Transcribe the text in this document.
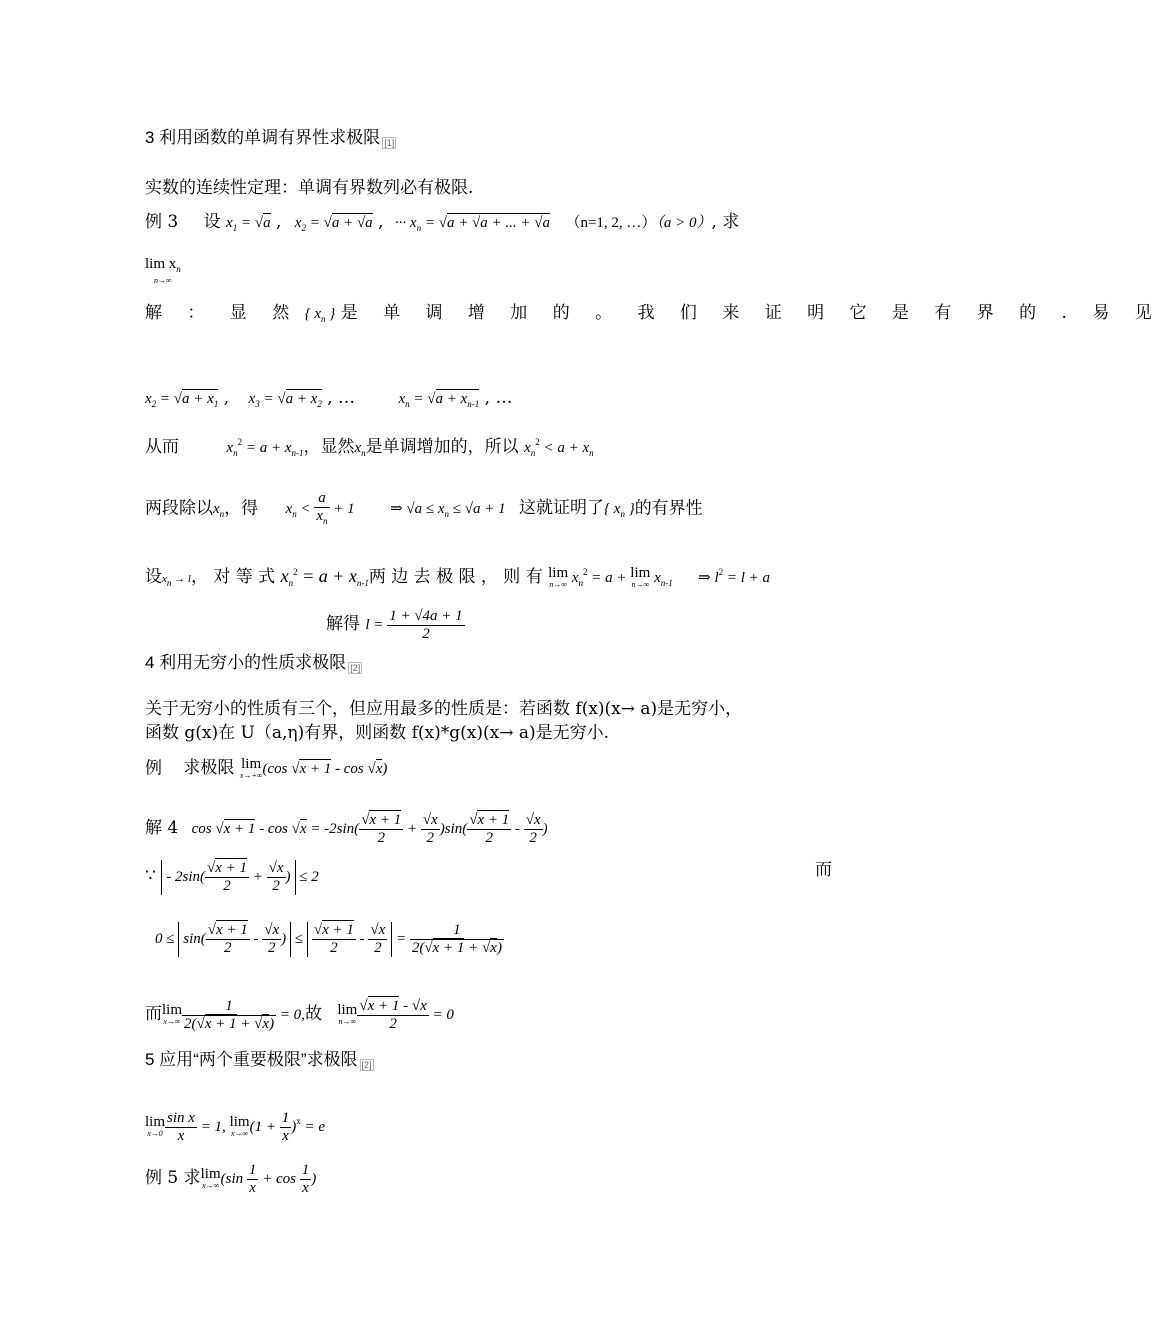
3 利用函数的单调有界性求极限 [1]
实数的连续性定理：单调有界数列必有极限.
例 3 设 $x_1 = √a$ , $x_2 = √a + √a$ , ··· $x_n = √a + √a$ + ... + √a （n=1, 2, …）（a > 0）, 求
$\lim x_n$
n→∞
解 ： 显 然 { $x_n$ } 是 单 调 增 加 的 。 我 们 来 证 明 它 是 有 界 的 . 易 见
$x_2 = √a + x_1$ , $x_3 = √a + x_2$ , …	$x_n = √a + x_{n-1}$ , …
从而	$x_n^2 = a + x_{n-1}$，显然$x_n$是单调增加的，所以 $x_n^2 < a + x_n$
两段除以$x_n$，得 $x_n < \frac{a}{x_n} + 1$ ⇒ $√a \le x_n \le √a + 1$ 这就证明了{ $x_n$ }的有界性
设$x_n \to l$， 对 等 式 $x_n^2 = a + x_{n-1}$两 边 去 极 限 ， 则 有 lim
n→∞ $x_n^2 = a + \lim$
n→∞ $x_{n-1}$ ⇒ $l^2 = l + a$
解得 $l = \frac{1 + √4a + 1}{2}$
4 利用无穷小的性质求极限 [2]
关于无穷小的性质有三个，但应用最多的性质是：若函数 f(x)(x→ a)是无穷小，
函数 g(x)在 U（a,η)有界，则函数 f(x)*g(x)(x→ a)是无穷小.
例 求极限 lim
x→+∞ (cos √x + 1 - cos √x)
解 4 $\cos √x + 1 - \cos √x = -2\sin( \frac{√x + 1}{2} + \frac{√x}{2} )\sin( \frac{√x + 1}{2} - \frac{√x}{2}$ )
∵ - $2\sin( \frac{√x + 1}{2} + \frac{√x}{2}$ ) ≤ 2	而
$0 \le \sin( \frac{√x + 1}{2} - \frac{√x}{2}$ ) ≤ $\frac{√x + 1}{2} - \frac{√x}{2} = \frac{1}{2(√x + 1 + √x)}$
而 lim
$x\to\infty \frac{1}{2(√x + 1 + √x)} = 0$,故 lim
$n\to\infty \frac{√x + 1 - √x}{2} = 0$
5 应用“两个重要极限”求极限 [2]
lim
$x\to 0 \frac{\text{sin x}}{x} = 1$, lim
x→∞ $(1 + \frac{1}{x} )^x = e$
例 5 求 lim
x→∞ ($\sin \frac{1}{x} + \cos \frac{1}{x}$ )
